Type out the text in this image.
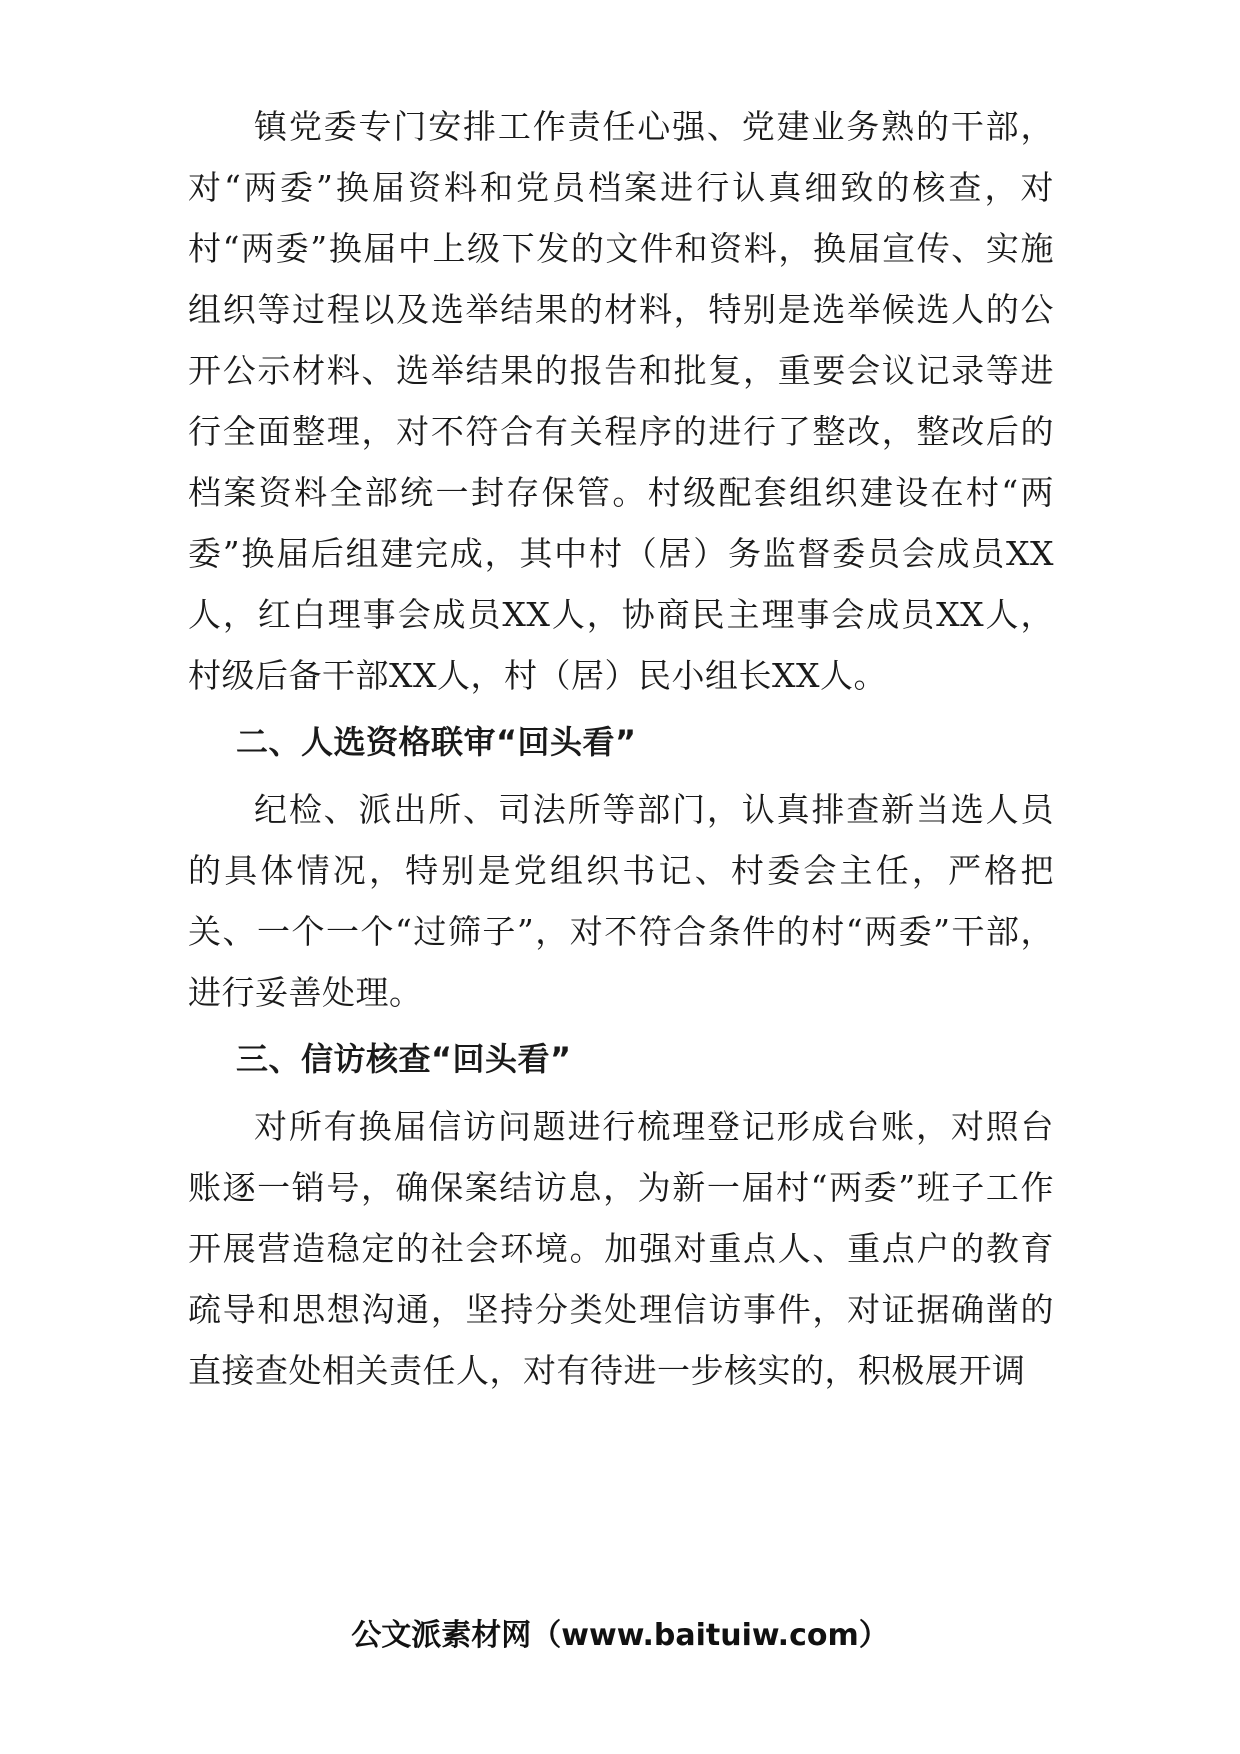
镇党委专门安排工作责任心强、党建业务熟的干部，对“两委”换届资料和党员档案进行认真细致的核查，对村“两委”换届中上级下发的文件和资料，换届宣传、实施组织等过程以及选举结果的材料，特别是选举候选人的公开公示材料、选举结果的报告和批复，重要会议记录等进行全面整理，对不符合有关程序的进行了整改，整改后的档案资料全部统一封存保管。村级配套组织建设在村“两委”换届后组建完成，其中村（居）务监督委员会成员XX人，红白理事会成员XX人，协商民主理事会成员XX人，村级后备干部XX人，村（居）民小组长XX人。

二、人选资格联审“回头看”

纪检、派出所、司法所等部门，认真排查新当选人员的具体情况，特别是党组织书记、村委会主任，严格把关、一个一个“过筛子”，对不符合条件的村“两委”干部，进行妥善处理。

三、信访核查“回头看”

对所有换届信访问题进行梳理登记形成台账，对照台账逐一销号，确保案结访息，为新一届村“两委”班子工作开展营造稳定的社会环境。加强对重点人、重点户的教育疏导和思想沟通，坚持分类处理信访事件，对证据确凿的直接查处相关责任人，对有待进一步核实的，积极展开调

公文派素材网（www.baituiw.com）
